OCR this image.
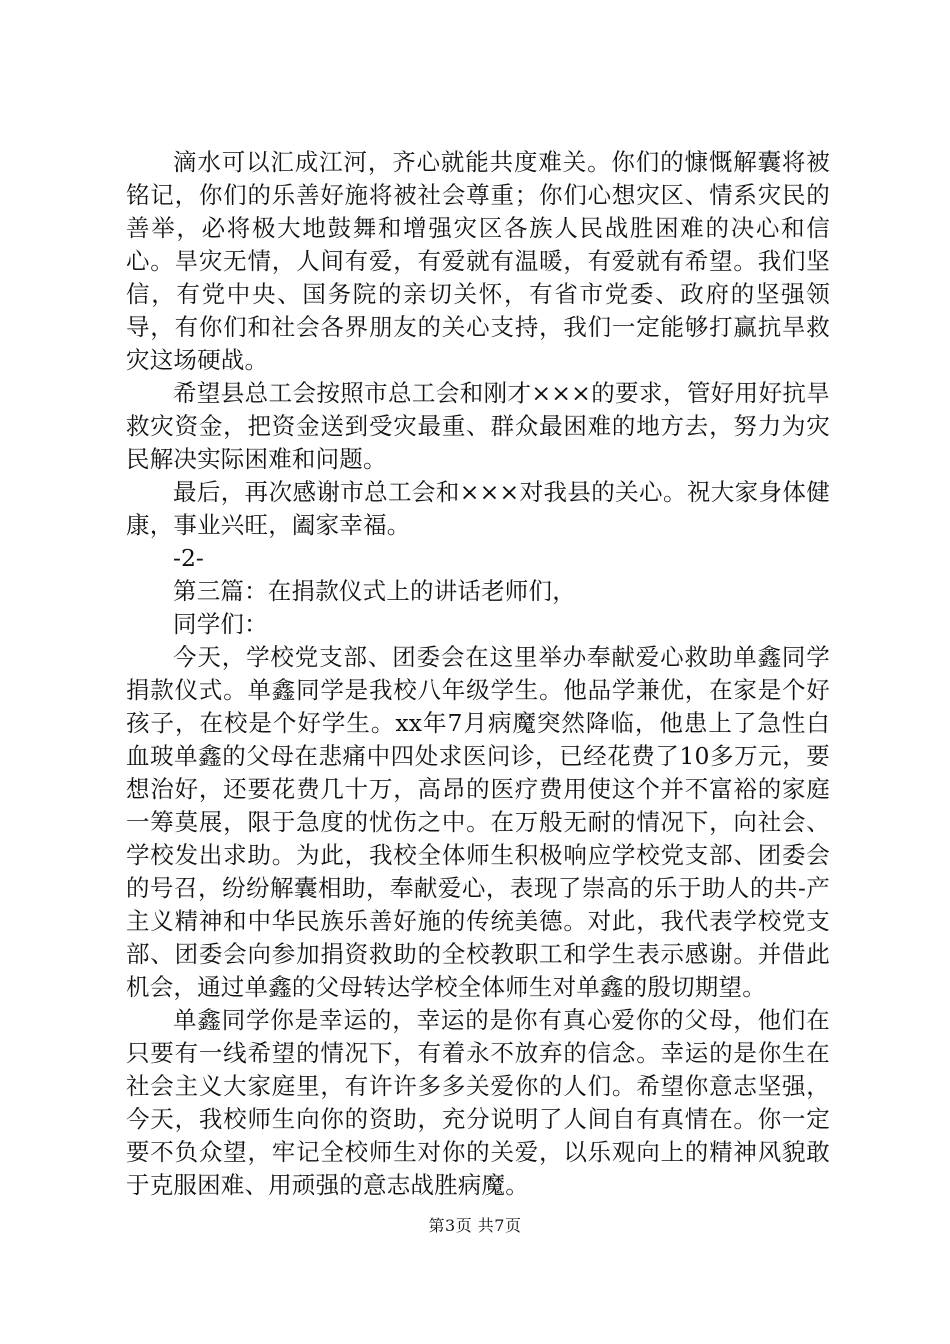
滴水可以汇成江河，齐心就能共度难关。你们的慷慨解囊将被铭记，你们的乐善好施将被社会尊重；你们心想灾区、情系灾民的善举，必将极大地鼓舞和增强灾区各族人民战胜困难的决心和信心。旱灾无情，人间有爱，有爱就有温暖，有爱就有希望。我们坚信，有党中央、国务院的亲切关怀，有省市党委、政府的坚强领导，有你们和社会各界朋友的关心支持，我们一定能够打赢抗旱救灾这场硬战。

希望县总工会按照市总工会和刚才×××的要求，管好用好抗旱救灾资金，把资金送到受灾最重、群众最困难的地方去，努力为灾民解决实际困难和问题。

最后，再次感谢市总工会和×××对我县的关心。祝大家身体健康，事业兴旺，阖家幸福。

-2-

第三篇：在捐款仪式上的讲话老师们，

同学们：

今天，学校党支部、团委会在这里举办奉献爱心救助单鑫同学捐款仪式。单鑫同学是我校八年级学生。他品学兼优，在家是个好孩子，在校是个好学生。xx年7月病魔突然降临，他患上了急性白血玻单鑫的父母在悲痛中四处求医问诊，已经花费了10多万元，要想治好，还要花费几十万，高昂的医疗费用使这个并不富裕的家庭一筹莫展，限于急度的忧伤之中。在万般无耐的情况下，向社会、学校发出求助。为此，我校全体师生积极响应学校党支部、团委会的号召，纷纷解囊相助，奉献爱心，表现了崇高的乐于助人的共-产主义精神和中华民族乐善好施的传统美德。对此，我代表学校党支部、团委会向参加捐资救助的全校教职工和学生表示感谢。并借此机会，通过单鑫的父母转达学校全体师生对单鑫的殷切期望。

单鑫同学你是幸运的，幸运的是你有真心爱你的父母，他们在只要有一线希望的情况下，有着永不放弃的信念。幸运的是你生在社会主义大家庭里，有许许多多关爱你的人们。希望你意志坚强，今天，我校师生向你的资助，充分说明了人间自有真情在。你一定要不负众望，牢记全校师生对你的关爱，以乐观向上的精神风貌敢于克服困难、用顽强的意志战胜病魔。

第3页 共7页
